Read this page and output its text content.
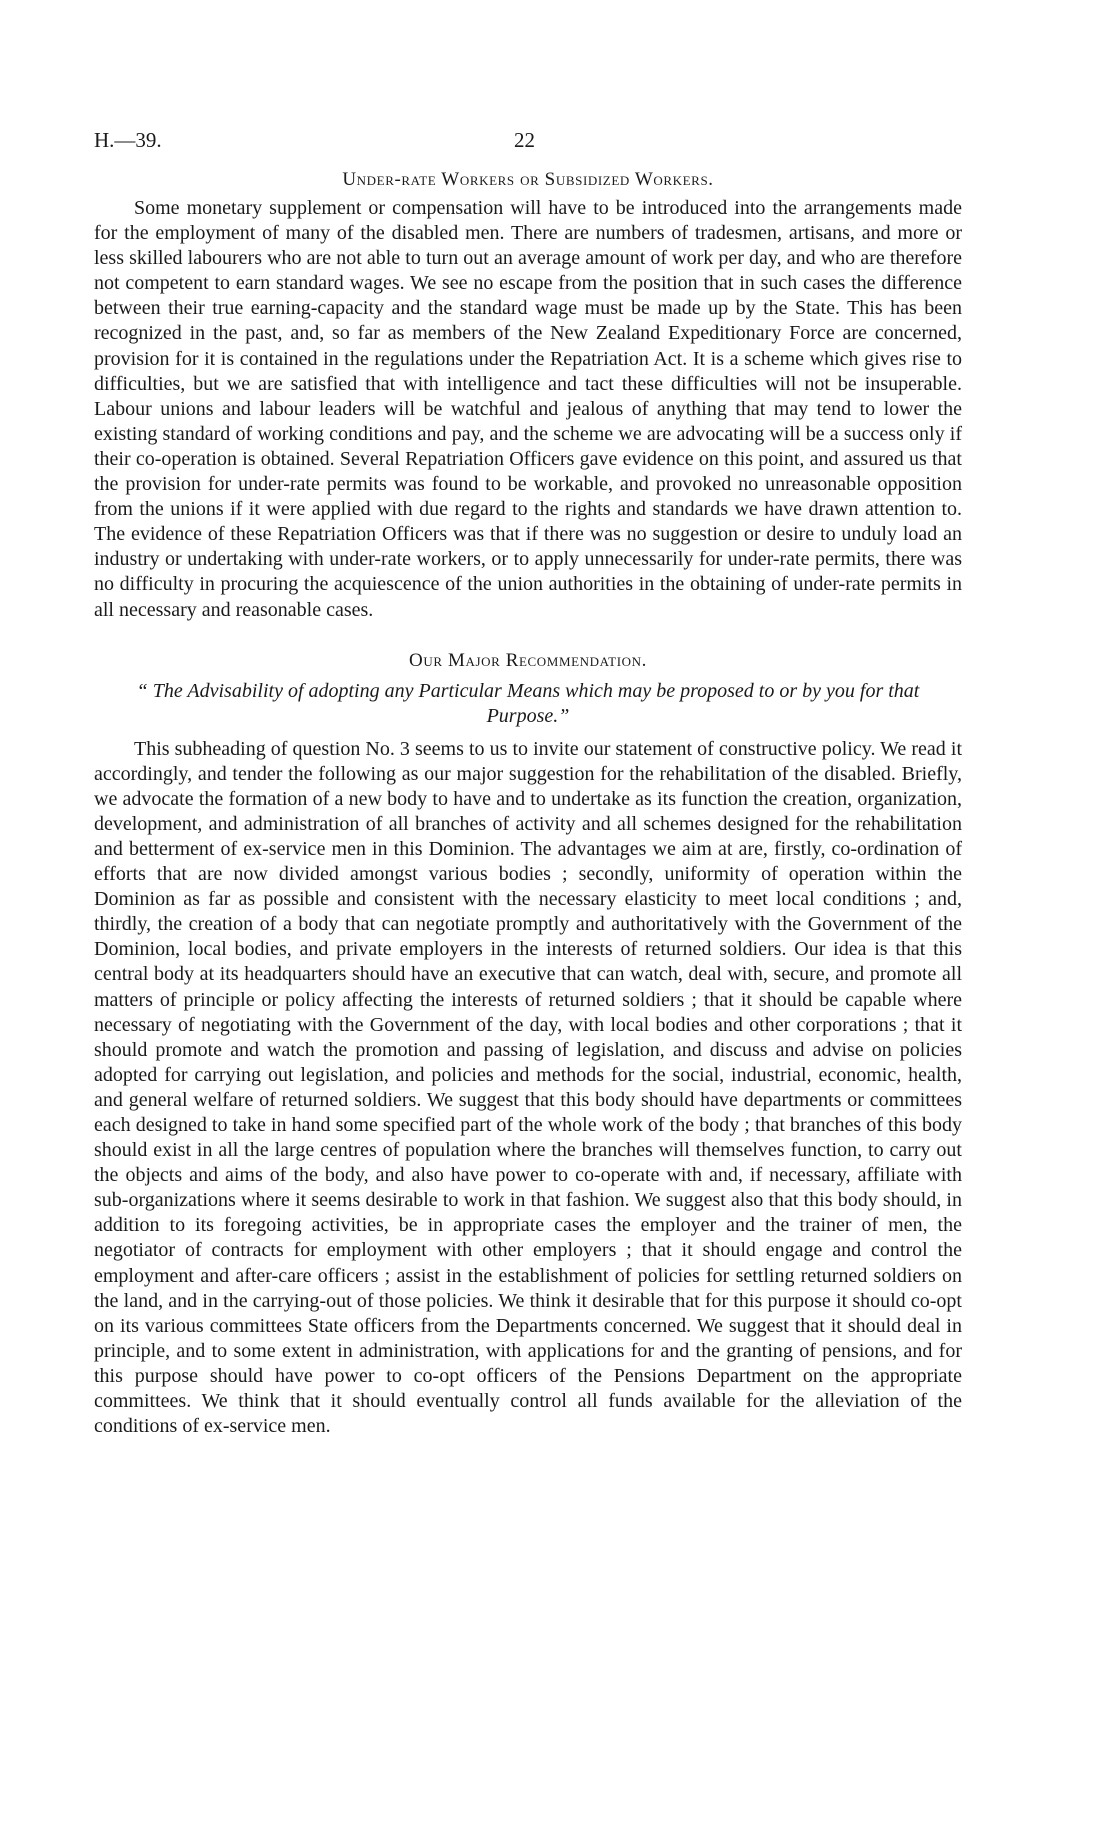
H.—39.	22
Under-rate Workers or Subsidized Workers.

Some monetary supplement or compensation will have to be introduced into the arrangements made for the employment of many of the disabled men. There are numbers of tradesmen, artisans, and more or less skilled labourers who are not able to turn out an average amount of work per day, and who are therefore not competent to earn standard wages. We see no escape from the position that in such cases the difference between their true earning-capacity and the standard wage must be made up by the State. This has been recognized in the past, and, so far as members of the New Zealand Expeditionary Force are concerned, provision for it is contained in the regulations under the Repatriation Act. It is a scheme which gives rise to difficulties, but we are satisfied that with intelligence and tact these difficulties will not be insuperable. Labour unions and labour leaders will be watchful and jealous of anything that may tend to lower the existing standard of working conditions and pay, and the scheme we are advocating will be a success only if their co-operation is obtained. Several Repatriation Officers gave evidence on this point, and assured us that the provision for under-rate permits was found to be workable, and provoked no unreasonable opposition from the unions if it were applied with due regard to the rights and standards we have drawn attention to. The evidence of these Repatriation Officers was that if there was no suggestion or desire to unduly load an industry or undertaking with under-rate workers, or to apply unnecessarily for under-rate permits, there was no difficulty in procuring the acquiescence of the union authorities in the obtaining of under-rate permits in all necessary and reasonable cases.

Our Major Recommendation.
“ The Advisability of adopting any Particular Means which may be proposed to or by you for that Purpose.”

This subheading of question No. 3 seems to us to invite our statement of constructive policy. We read it accordingly, and tender the following as our major suggestion for the rehabilitation of the disabled. Briefly, we advocate the formation of a new body to have and to undertake as its function the creation, organization, development, and administration of all branches of activity and all schemes designed for the rehabilitation and betterment of ex-service men in this Dominion. The advantages we aim at are, firstly, co-ordination of efforts that are now divided amongst various bodies ; secondly, uniformity of operation within the Dominion as far as possible and consistent with the necessary elasticity to meet local conditions ; and, thirdly, the creation of a body that can negotiate promptly and authoritatively with the Government of the Dominion, local bodies, and private employers in the interests of returned soldiers. Our idea is that this central body at its headquarters should have an executive that can watch, deal with, secure, and promote all matters of principle or policy affecting the interests of returned soldiers ; that it should be capable where necessary of negotiating with the Government of the day, with local bodies and other corporations ; that it should promote and watch the promotion and passing of legislation, and discuss and advise on policies adopted for carrying out legislation, and policies and methods for the social, industrial, economic, health, and general welfare of returned soldiers. We suggest that this body should have departments or committees each designed to take in hand some specified part of the whole work of the body ; that branches of this body should exist in all the large centres of population where the branches will themselves function, to carry out the objects and aims of the body, and also have power to co-operate with and, if necessary, affiliate with sub-organizations where it seems desirable to work in that fashion. We suggest also that this body should, in addition to its foregoing activities, be in appropriate cases the employer and the trainer of men, the negotiator of contracts for employment with other employers ; that it should engage and control the employment and after-care officers ; assist in the establishment of policies for settling returned soldiers on the land, and in the carrying-out of those policies. We think it desirable that for this purpose it should co-opt on its various committees State officers from the Departments concerned. We suggest that it should deal in principle, and to some extent in administration, with applications for and the granting of pensions, and for this purpose should have power to co-opt officers of the Pensions Department on the appropriate committees. We think that it should eventually control all funds available for the alleviation of the conditions of ex-service men.
